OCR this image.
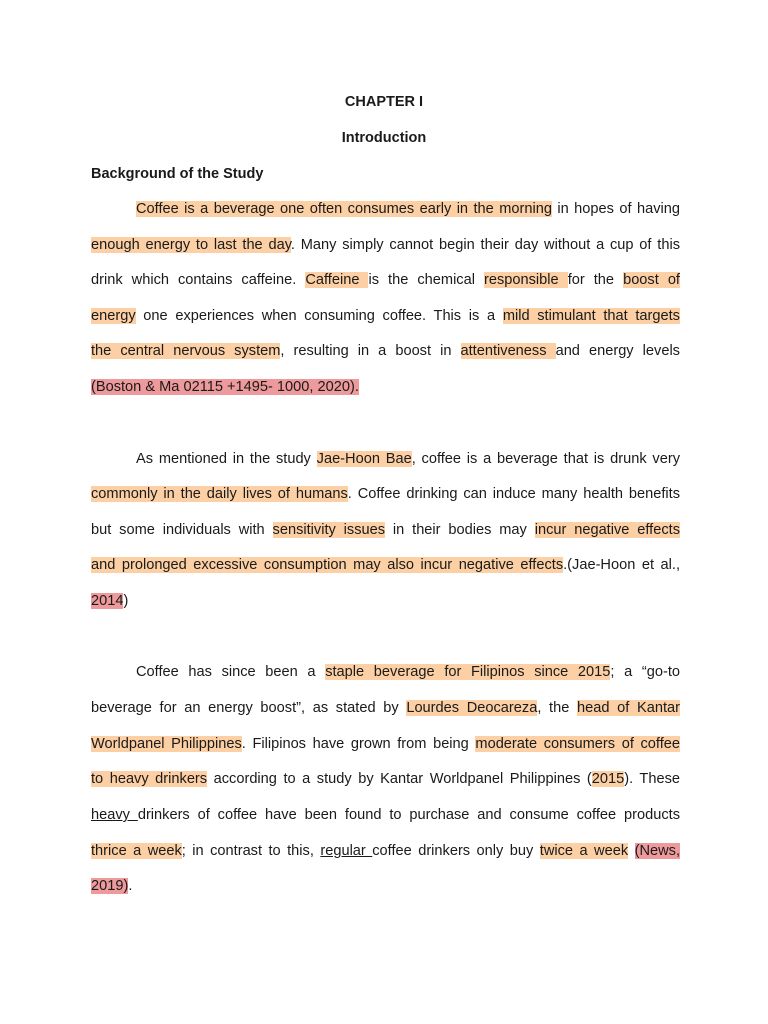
CHAPTER I
Introduction
Background of the Study
Coffee is a beverage one often consumes early in the morning in hopes of having
enough energy to last the day. Many simply cannot begin their day without a cup of this
drink which contains caffeine. Caffeine is the chemical responsible for the boost of
energy one experiences when consuming coffee. This is a mild stimulant that targets
the central nervous system, resulting in a boost in attentiveness and energy levels
(Boston & Ma 02115 +1495- 1000, 2020).
As mentioned in the study Jae-Hoon Bae, coffee is a beverage that is drunk very
commonly in the daily lives of humans. Coffee drinking can induce many health benefits
but some individuals with sensitivity issues in their bodies may incur negative effects
and prolonged excessive consumption may also incur negative effects.(Jae-Hoon et al.,
2014)
Coffee has since been a staple beverage for Filipinos since 2015; a “go-to
beverage for an energy boost”, as stated by Lourdes Deocareza, the head of Kantar
Worldpanel Philippines. Filipinos have grown from being moderate consumers of coffee
to heavy drinkers according to a study by Kantar Worldpanel Philippines (2015). These
heavy drinkers of coffee have been found to purchase and consume coffee products
thrice a week; in contrast to this, regular coffee drinkers only buy twice a week (News,
2019).
